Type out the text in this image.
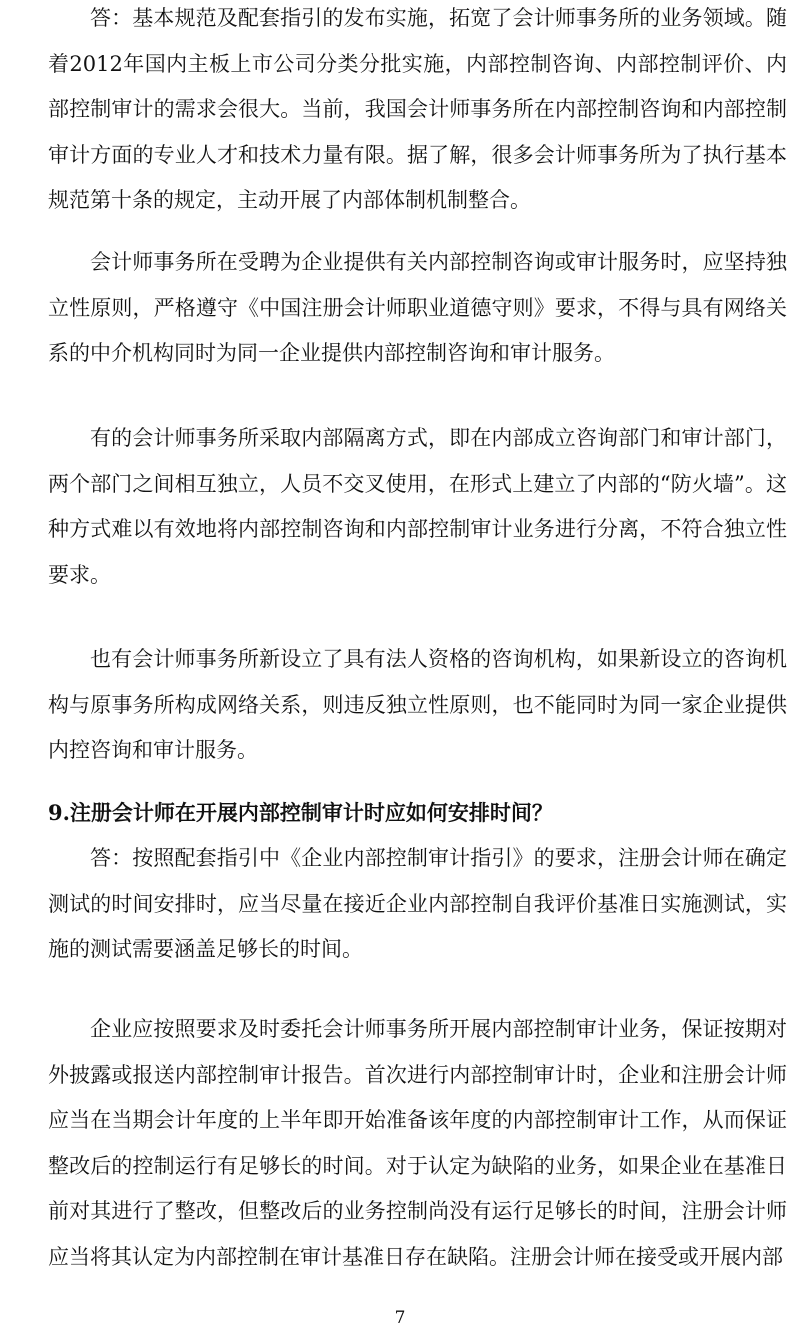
答：基本规范及配套指引的发布实施，拓宽了会计师事务所的业务领域。随着2012年国内主板上市公司分类分批实施，内部控制咨询、内部控制评价、内部控制审计的需求会很大。当前，我国会计师事务所在内部控制咨询和内部控制审计方面的专业人才和技术力量有限。据了解，很多会计师事务所为了执行基本规范第十条的规定，主动开展了内部体制机制整合。

会计师事务所在受聘为企业提供有关内部控制咨询或审计服务时，应坚持独立性原则，严格遵守《中国注册会计师职业道德守则》要求，不得与具有网络关系的中介机构同时为同一企业提供内部控制咨询和审计服务。

有的会计师事务所采取内部隔离方式，即在内部成立咨询部门和审计部门，两个部门之间相互独立，人员不交叉使用，在形式上建立了内部的“防火墙”。这种方式难以有效地将内部控制咨询和内部控制审计业务进行分离，不符合独立性要求。

也有会计师事务所新设立了具有法人资格的咨询机构，如果新设立的咨询机构与原事务所构成网络关系，则违反独立性原则，也不能同时为同一家企业提供内控咨询和审计服务。

9.注册会计师在开展内部控制审计时应如何安排时间？

答：按照配套指引中《企业内部控制审计指引》的要求，注册会计师在确定测试的时间安排时，应当尽量在接近企业内部控制自我评价基准日实施测试，实施的测试需要涵盖足够长的时间。

企业应按照要求及时委托会计师事务所开展内部控制审计业务，保证按期对外披露或报送内部控制审计报告。首次进行内部控制审计时，企业和注册会计师应当在当期会计年度的上半年即开始准备该年度的内部控制审计工作，从而保证整改后的控制运行有足够长的时间。对于认定为缺陷的业务，如果企业在基准日前对其进行了整改，但整改后的业务控制尚没有运行足够长的时间，注册会计师应当将其认定为内部控制在审计基准日存在缺陷。注册会计师在接受或开展内部

7
